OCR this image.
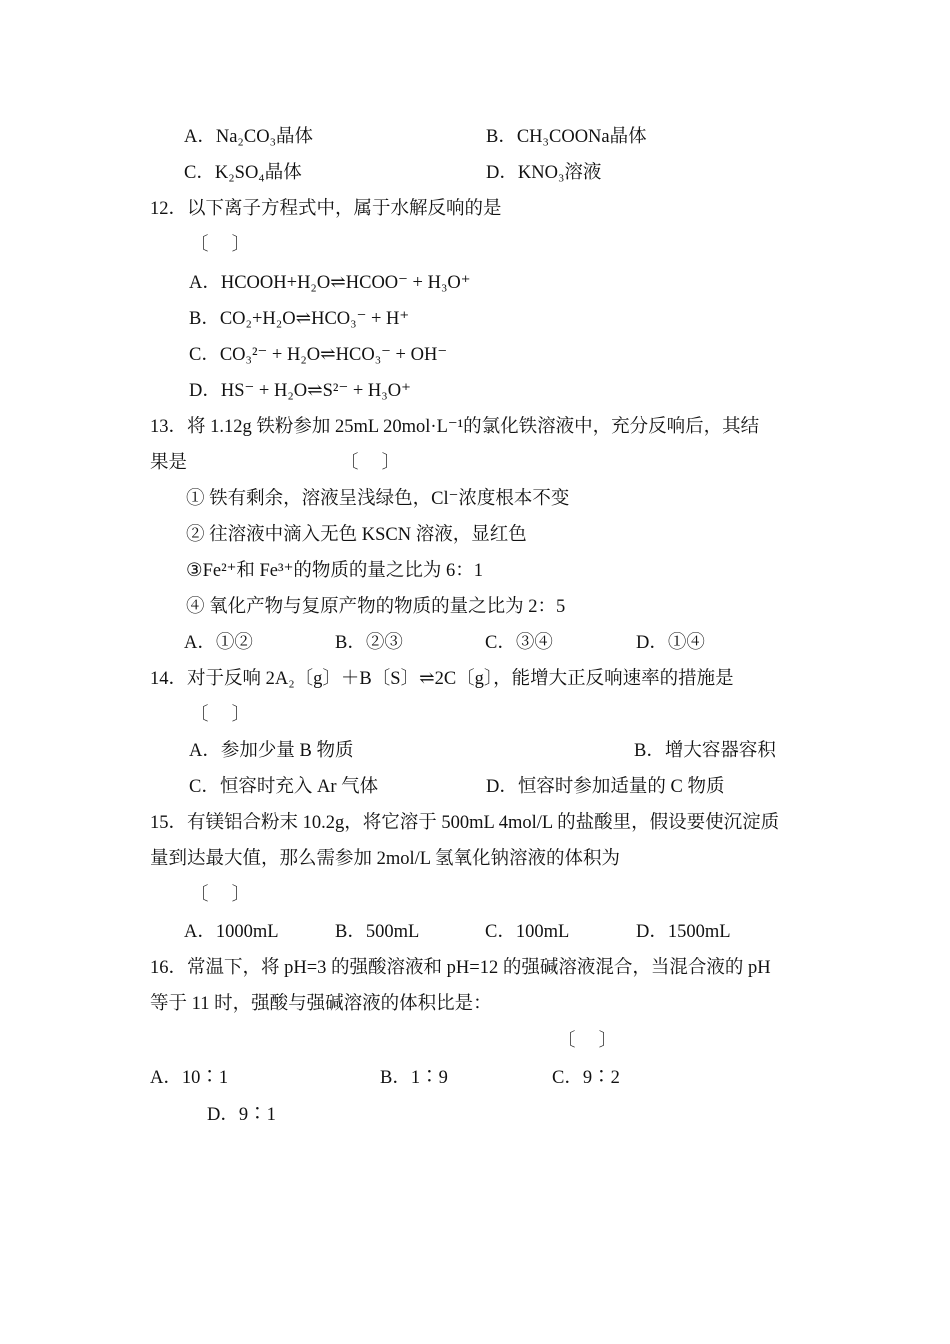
A．Na₂CO₃晶体	B．CH₃COONa晶体
C．K₂SO₄晶体	D．KNO₃溶液
12．以下离子方程式中，属于水解反响的是
〔　 〕
A．HCOOH+H₂O⇌HCOO⁻ + H₃O⁺
B．CO₂+H₂O⇌HCO₃⁻ + H⁺
C．CO₃²⁻ + H₂O⇌HCO₃⁻ + OH⁻
D．HS⁻ + H₂O⇌S²⁻ + H₃O⁺
13．将 1.12g 铁粉参加 25mL 20mol·L⁻¹的氯化铁溶液中，充分反响后，其结
果是	〔　 〕
① 铁有剩余，溶液呈浅绿色，Cl⁻浓度根本不变
② 往溶液中滴入无色 KSCN 溶液，显红色
③Fe²⁺和 Fe³⁺的物质的量之比为 6：1
④ 氧化产物与复原产物的物质的量之比为 2：5
A．①②	B．②③	C．③④	D．①④
14．对于反响 2A₂〔g〕＋B〔S〕⇌2C〔g〕，能增大正反响速率的措施是
〔　 〕
A．参加少量 B 物质	B．增大容器容积
C．恒容时充入 Ar 气体	D．恒容时参加适量的 C 物质
15．有镁铝合粉末 10.2g，将它溶于 500mL 4mol/L 的盐酸里，假设要使沉淀质
量到达最大值，那么需参加 2mol/L 氢氧化钠溶液的体积为
〔　 〕
A．1000mL	B．500mL	C．100mL	D．1500mL
16．常温下，将 pH=3 的强酸溶液和 pH=12 的强碱溶液混合，当混合液的 pH
等于 11 时，强酸与强碱溶液的体积比是：
〔　 〕
A．10∶1	B．1∶9	C．9∶2
D．9∶1
